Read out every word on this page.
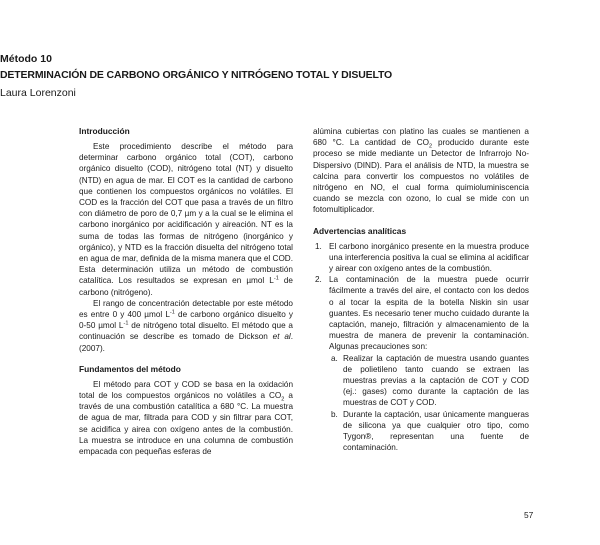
Método 10

DETERMINACIÓN DE CARBONO ORGÁNICO Y NITRÓGENO TOTAL Y DISUELTO

Laura Lorenzoni

Introducción

Este procedimiento describe el método para determinar carbono orgánico total (COT), carbono orgánico disuelto (COD), nitrógeno total (NT) y disuelto (NTD) en agua de mar. El COT es la cantidad de carbono que contienen los compuestos orgánicos no volátiles. El COD es la fracción del COT que pasa a través de un filtro con diámetro de poro de 0,7 µm y a la cual se le elimina el carbono inorgánico por acidificación y aireación. NT es la suma de todas las formas de nitrógeno (inorgánico y orgánico), y NTD es la fracción disuelta del nitrógeno total en agua de mar, definida de la misma manera que el COD. Esta determinación utiliza un método de combustión catalítica. Los resultados se expresan en µmol $L^{-1}$ de carbono (nitrógeno).

El rango de concentración detectable por este método es entre 0 y 400 µmol $L^{-1}$ de carbono orgánico disuelto y 0-50 µmol $L^{-1}$ de nitrógeno total disuelto. El método que a continuación se describe es tomado de Dickson et al. (2007).

Fundamentos del método

El método para COT y COD se basa en la oxidación total de los compuestos orgánicos no volátiles a $CO_2$ a través de una combustión catalítica a 680 °C. La muestra de agua de mar, filtrada para COD y sin filtrar para COT, se acidifica y airea con oxígeno antes de la combustión. La muestra se introduce en una columna de combustión empacada con pequeñas esferas de

alúmina cubiertas con platino las cuales se mantienen a 680 °C. La cantidad de $CO_2$ producido durante este proceso se mide mediante un Detector de Infrarrojo No-Dispersivo (DIND). Para el análisis de NTD, la muestra se calcina para convertir los compuestos no volátiles de nitrógeno en NO, el cual forma quimioluminiscencia cuando se mezcla con ozono, lo cual se mide con un fotomultiplicador.

Advertencias analíticas

1. El carbono inorgánico presente en la muestra produce una interferencia positiva la cual se elimina al acidificar y airear con oxígeno antes de la combustión.
2. La contaminación de la muestra puede ocurrir fácilmente a través del aire, el contacto con los dedos o al tocar la espita de la botella Niskin sin usar guantes. Es necesario tener mucho cuidado durante la captación, manejo, filtración y almacenamiento de la muestra de manera de prevenir la contaminación. Algunas precauciones son:
a. Realizar la captación de muestra usando guantes de polietileno tanto cuando se extraen las muestras previas a la captación de COT y COD (ej.: gases) como durante la captación de las muestras de COT y COD.
b. Durante la captación, usar únicamente mangueras de silicona ya que cualquier otro tipo, como Tygon®, representan una fuente de contaminación.
57
